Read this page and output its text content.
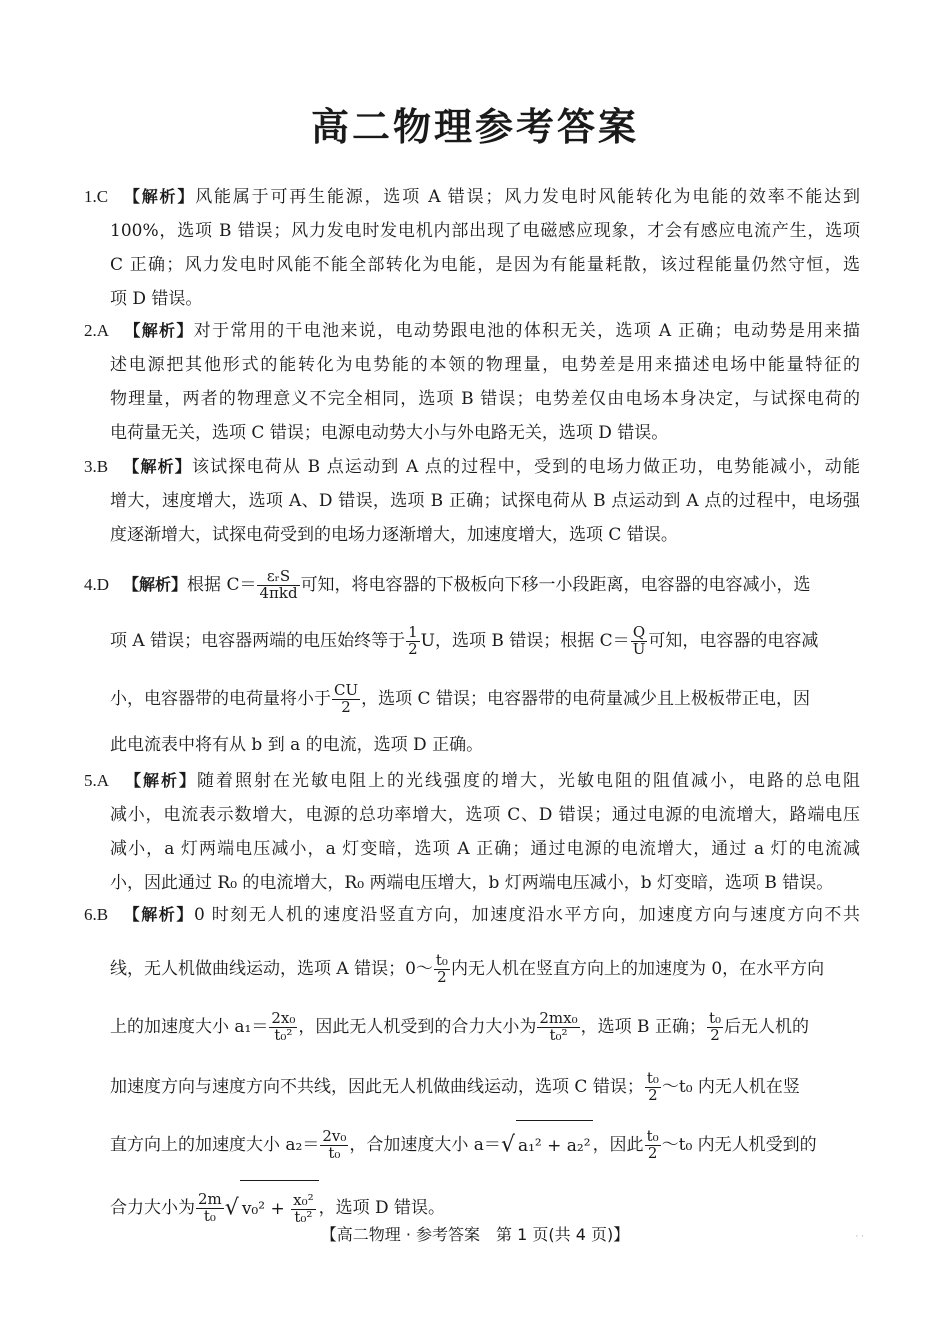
高二物理参考答案
1.C 【解析】风能属于可再生能源，选项 A 错误；风力发电时风能转化为电能的效率不能达到
100%，选项 B 错误；风力发电时发电机内部出现了电磁感应现象，才会有感应电流产生，选项
C 正确；风力发电时风能不能全部转化为电能，是因为有能量耗散，该过程能量仍然守恒，选
项 D 错误。
2.A 【解析】对于常用的干电池来说，电动势跟电池的体积无关，选项 A 正确；电动势是用来描
述电源把其他形式的能转化为电势能的本领的物理量，电势差是用来描述电场中能量特征的
物理量，两者的物理意义不完全相同，选项 B 错误；电势差仅由电场本身决定，与试探电荷的
电荷量无关，选项 C 错误；电源电动势大小与外电路无关，选项 D 错误。
3.B 【解析】该试探电荷从 B 点运动到 A 点的过程中，受到的电场力做正功，电势能减小，动能
增大，速度增大，选项 A、D 错误，选项 B 正确；试探电荷从 B 点运动到 A 点的过程中，电场强
度逐渐增大，试探电荷受到的电场力逐渐增大，加速度增大，选项 C 错误。
4.D 【解析】根据 $C= \frac{\text{εᵣS}}{\text{4πkd}}$ 可知，将电容器的下极板向下移一小段距离，电容器的电容减小，选
项 A 错误；电容器两端的电压始终等于 $\frac{1}{2}$ U，选项 B 错误；根据 $C= \frac{Q}{U}$ 可知，电容器的电容减
小，电容器带的电荷量将小于 $\frac{CU}{2}$ ，选项 C 错误；电容器带的电荷量减少且上极板带正电，因
此电流表中将有从 b 到 a 的电流，选项 D 正确。
5.A 【解析】随着照射在光敏电阻上的光线强度的增大，光敏电阻的阻值减小，电路的总电阻
减小，电流表示数增大，电源的总功率增大，选项 C、D 错误；通过电源的电流增大，路端电压
减小，a 灯两端电压减小，a 灯变暗，选项 A 正确；通过电源的电流增大，通过 a 灯的电流减
小，因此通过 R₀ 的电流增大，R₀ 两端电压增大，b 灯两端电压减小，b 灯变暗，选项 B 错误。
6.B 【解析】0 时刻无人机的速度沿竖直方向，加速度沿水平方向，加速度方向与速度方向不共
线，无人机做曲线运动，选项 A 错误；0～ $\frac{\text{t₀}}{2}$ 内无人机在竖直方向上的加速度为 0，在水平方向
上的加速度大小 $a_1= \frac{\text{2x₀}}{\text{t₀²}}$ ，因此无人机受到的合力大小为 $\frac{\text{2mx₀}}{\text{t₀²}}$ ，选项 B 正确； $\frac{\text{t₀}}{2}$ 后无人机的
加速度方向与速度方向不共线，因此无人机做曲线运动，选项 C 错误； $\frac{\text{t₀}}{2}$ ～t₀ 内无人机在竖
直方向上的加速度大小 $a_2= \frac{\text{2v₀}}{\text{t₀}}$ ，合加速度大小 a＝√ a₁² + a₂² ，因此 $\frac{\text{t₀}}{2}$ ～t₀ 内无人机受到的
合力大小为 $\frac{2m}{\text{t₀}}$ √ $v_0^2 + \frac{\text{x₀²}}{\text{t₀²}}$ ，选项 D 错误。
【高二物理 · 参考答案　第 1 页(共 4 页)】	· ·
